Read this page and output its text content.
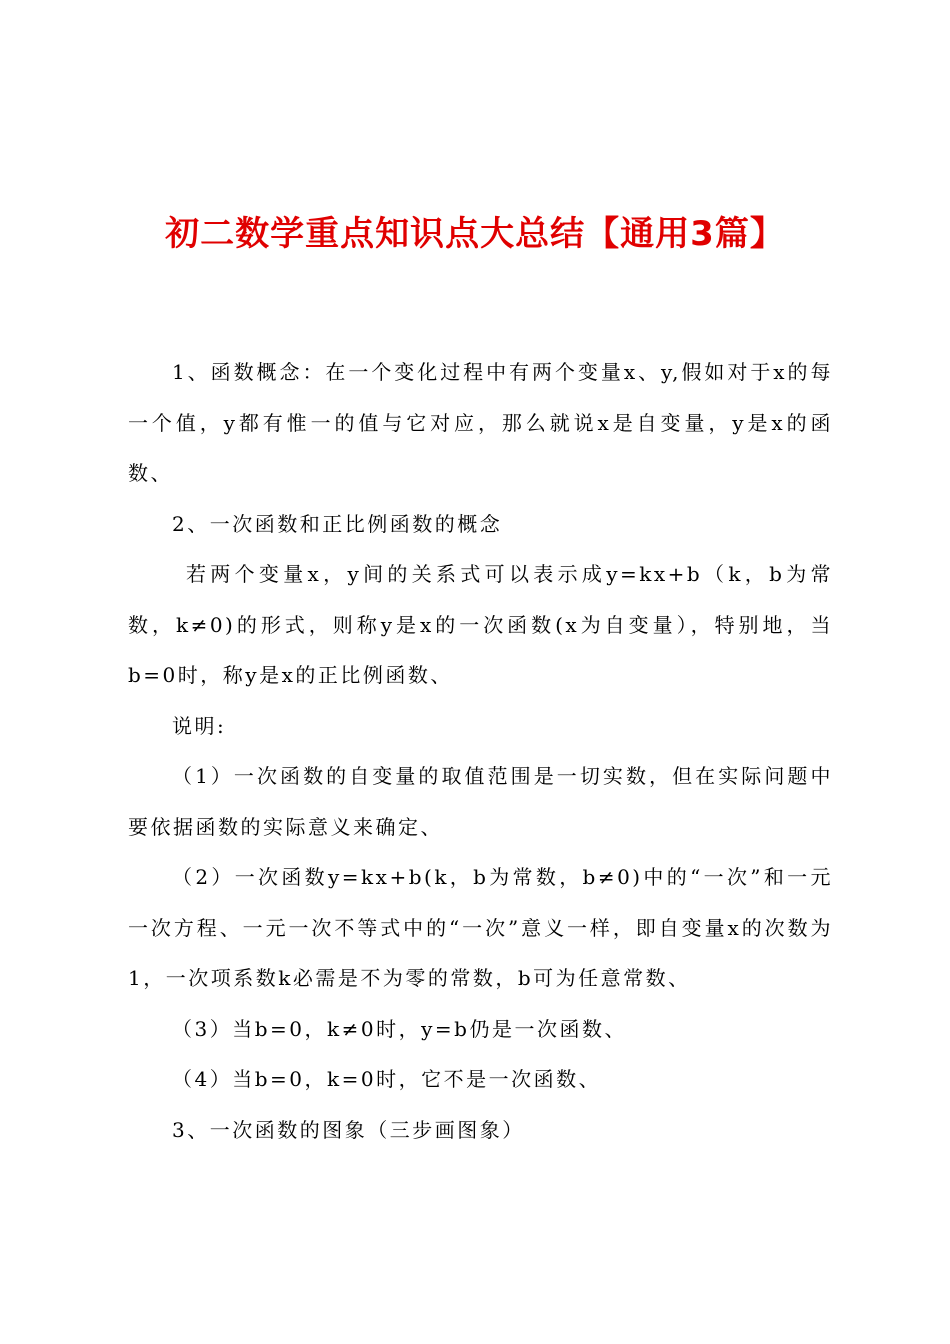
初二数学重点知识点大总结【通用3篇】

1、函数概念：在一个变化过程中有两个变量x、y,假如对于x的每一个值，y都有惟一的值与它对应，那么就说x是自变量，y是x的函数、

2、一次函数和正比例函数的概念

若两个变量x，y间的关系式可以表示成y=kx+b（k，b为常数，k≠0)的形式，则称y是x的一次函数(x为自变量），特别地，当b=0时，称y是x的正比例函数、

说明:

（1）一次函数的自变量的取值范围是一切实数，但在实际问题中要依据函数的实际意义来确定、

（2）一次函数y=kx+b(k，b为常数，b≠0)中的“一次”和一元一次方程、一元一次不等式中的“一次”意义一样，即自变量x的次数为1，一次项系数k必需是不为零的常数，b可为任意常数、

（3）当b=0，k≠0时，y=b仍是一次函数、

（4）当b=0，k=0时，它不是一次函数、

3、一次函数的图象（三步画图象）
